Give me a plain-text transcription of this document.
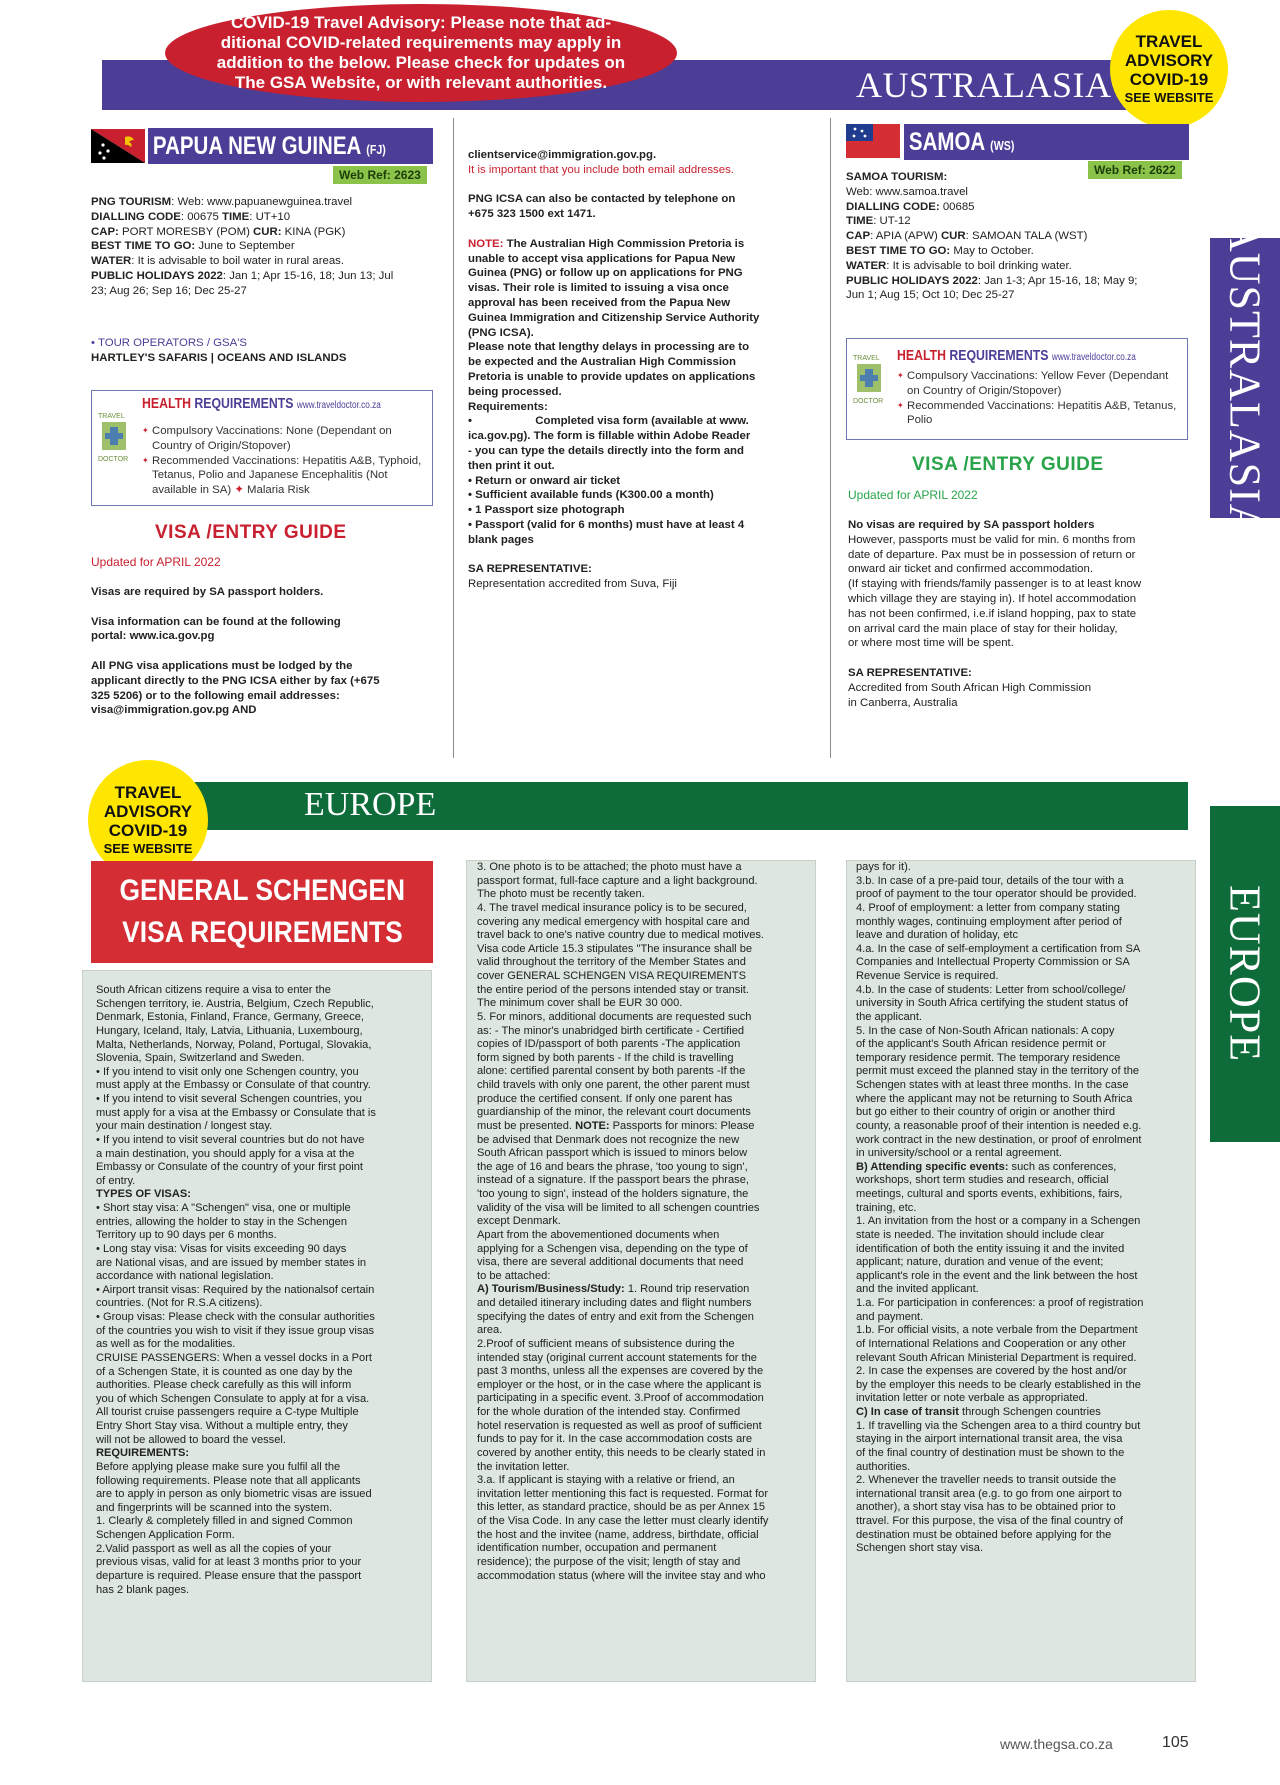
AUSTRALASIA
COVID-19 Travel Advisory: Please note that ad-
ditional COVID-related requirements may apply in
addition to the below. Please check for updates on
The GSA Website, or with relevant authorities.
TRAVEL
ADVISORY
COVID-19
SEE WEBSITE
AUSTRALASIA
PAPUA NEW GUINEA (FJ)
Web Ref: 2623
PNG TOURISM: Web: www.papuanewguinea.travel
DIALLING CODE: 00675 TIME: UT+10
CAP: PORT MORESBY (POM) CUR: KINA (PGK)
BEST TIME TO GO: June to September
WATER: It is advisable to boil water in rural areas.
PUBLIC HOLIDAYS 2022: Jan 1; Apr 15-16, 18; Jun 13; Jul
23; Aug 26; Sep 16; Dec 25-27
• TOUR OPERATORS / GSA'S
HARTLEY'S SAFARIS | OCEANS AND ISLANDS
TRAVEL
DOCTOR
HEALTH REQUIREMENTS www.traveldoctor.co.za
✦ Compulsory Vaccinations: None (Dependant on Country of Origin/Stopover)
✦ Recommended Vaccinations: Hepatitis A&B, Typhoid, Tetanus, Polio and Japanese Encephalitis (Not available in SA) ✦ Malaria Risk
VISA /ENTRY GUIDE
Updated for APRIL 2022
Visas are required by SA passport holders.
Visa information can be found at the following
portal: www.ica.gov.pg
All PNG visa applications must be lodged by the
applicant directly to the PNG ICSA either by fax (+675
325 5206) or to the following email addresses:
visa@immigration.gov.pg AND
clientservice@immigration.gov.pg.
It is important that you include both email addresses.
PNG ICSA can also be contacted by telephone on
+675 323 1500 ext 1471.
NOTE: The Australian High Commission Pretoria is
unable to accept visa applications for Papua New
Guinea (PNG) or follow up on applications for PNG
visas. Their role is limited to issuing a visa once
approval has been received from the Papua New
Guinea Immigration and Citizenship Service Authority
(PNG ICSA).
Please note that lengthy delays in processing are to
be expected and the Australian High Commission
Pretoria is unable to provide updates on applications
being processed.
Requirements:
•                    Completed visa form (available at www.
ica.gov.pg). The form is fillable within Adobe Reader
- you can type the details directly into the form and
then print it out.
• Return or onward air ticket
• Sufficient available funds (K300.00 a month)
• 1 Passport size photograph
• Passport (valid for 6 months) must have at least 4
blank pages
SA REPRESENTATIVE:
Representation accredited from Suva, Fiji
SAMOA (WS)
Web Ref: 2622
SAMOA TOURISM:
Web: www.samoa.travel
DIALLING CODE: 00685
TIME: UT-12
CAP: APIA (APW) CUR: SAMOAN TALA (WST)
BEST TIME TO GO: May to October.
WATER: It is advisable to boil drinking water.
PUBLIC HOLIDAYS 2022: Jan 1-3; Apr 15-16, 18; May 9;
Jun 1; Aug 15; Oct 10; Dec 25-27
TRAVEL
DOCTOR
HEALTH REQUIREMENTS www.traveldoctor.co.za
✦ Compulsory Vaccinations: Yellow Fever (Dependant on Country of Origin/Stopover)
✦ Recommended Vaccinations: Hepatitis A&B, Tetanus, Polio
VISA /ENTRY GUIDE
Updated for APRIL 2022
No visas are required by SA passport holders
However, passports must be valid for min. 6 months from
date of departure. Pax must be in possession of return or
onward air ticket and confirmed accommodation.
(If staying with friends/family passenger is to at least know
which village they are staying in). If hotel accommodation
has not been confirmed, i.e.if island hopping, pax to state
on arrival card the main place of stay for their holiday,
or where most time will be spent.
SA REPRESENTATIVE:
Accredited from South African High Commission
in Canberra, Australia
EUROPE
TRAVEL
ADVISORY
COVID-19
SEE WEBSITE
EUROPE
GENERAL SCHENGEN
VISA REQUIREMENTS
South African citizens require a visa to enter the
Schengen territory, ie. Austria, Belgium, Czech Republic,
Denmark, Estonia, Finland, France, Germany, Greece,
Hungary, Iceland, Italy, Latvia, Lithuania, Luxembourg,
Malta, Netherlands, Norway, Poland, Portugal, Slovakia,
Slovenia, Spain, Switzerland and Sweden.
• If you intend to visit only one Schengen country, you
must apply at the Embassy or Consulate of that country.
• If you intend to visit several Schengen countries, you
must apply for a visa at the Embassy or Consulate that is
your main destination / longest stay.
• If you intend to visit several countries but do not have
a main destination, you should apply for a visa at the
Embassy or Consulate of the country of your first point
of entry.
TYPES OF VISAS:
• Short stay visa: A "Schengen" visa, one or multiple
entries, allowing the holder to stay in the Schengen
Territory up to 90 days per 6 months.
• Long stay visa: Visas for visits exceeding 90 days
are National visas, and are issued by member states in
accordance with national legislation.
• Airport transit visas: Required by the nationalsof certain
countries. (Not for R.S.A citizens).
• Group visas: Please check with the consular authorities
of the countries you wish to visit if they issue group visas
as well as for the modalities.
CRUISE PASSENGERS: When a vessel docks in a Port
of a Schengen State, it is counted as one day by the
authorities. Please check carefully as this will inform
you of which Schengen Consulate to apply at for a visa.
All tourist cruise passengers require a C-type Multiple
Entry Short Stay visa. Without a multiple entry, they
will not be allowed to board the vessel.
REQUIREMENTS:
Before applying please make sure you fulfil all the
following requirements. Please note that all applicants
are to apply in person as only biometric visas are issued
and fingerprints will be scanned into the system.
1. Clearly & completely filled in and signed Common
Schengen Application Form.
2.Valid passport as well as all the copies of your
previous visas, valid for at least 3 months prior to your
departure is required. Please ensure that the passport
has 2 blank pages.
3. One photo is to be attached; the photo must have a
passport format, full-face capture and a light background.
The photo must be recently taken.
4. The travel medical insurance policy is to be secured,
covering any medical emergency with hospital care and
travel back to one's native country due to medical motives.
Visa code Article 15.3 stipulates "The insurance shall be
valid throughout the territory of the Member States and
cover GENERAL SCHENGEN VISA REQUIREMENTS
the entire period of the persons intended stay or transit.
The minimum cover shall be EUR 30 000.
5. For minors, additional documents are requested such
as: - The minor's unabridged birth certificate - Certified
copies of ID/passport of both parents -The application
form signed by both parents - If the child is travelling
alone: certified parental consent by both parents -If the
child travels with only one parent, the other parent must
produce the certified consent. If only one parent has
guardianship of the minor, the relevant court documents
must be presented. NOTE: Passports for minors: Please
be advised that Denmark does not recognize the new
South African passport which is issued to minors below
the age of 16 and bears the phrase, 'too young to sign',
instead of a signature. If the passport bears the phrase,
'too young to sign', instead of the holders signature, the
validity of the visa will be limited to all schengen countries
except Denmark.
Apart from the abovementioned documents when
applying for a Schengen visa, depending on the type of
visa, there are several additional documents that need
to be attached:
A) Tourism/Business/Study: 1. Round trip reservation
and detailed itinerary including dates and flight numbers
specifying the dates of entry and exit from the Schengen
area.
2.Proof of sufficient means of subsistence during the
intended stay (original current account statements for the
past 3 months, unless all the expenses are covered by the
employer or the host, or in the case where the applicant is
participating in a specific event. 3.Proof of accommodation
for the whole duration of the intended stay. Confirmed
hotel reservation is requested as well as proof of sufficient
funds to pay for it. In the case accommodation costs are
covered by another entity, this needs to be clearly stated in
the invitation letter.
3.a. If applicant is staying with a relative or friend, an
invitation letter mentioning this fact is requested. Format for
this letter, as standard practice, should be as per Annex 15
of the Visa Code. In any case the letter must clearly identify
the host and the invitee (name, address, birthdate, official
identification number, occupation and permanent
residence); the purpose of the visit; length of stay and
accommodation status (where will the invitee stay and who
pays for it).
3.b. In case of a pre-paid tour, details of the tour with a
proof of payment to the tour operator should be provided.
4. Proof of employment: a letter from company stating
monthly wages, continuing employment after period of
leave and duration of holiday, etc
4.a. In the case of self-employment a certification from SA
Companies and Intellectual Property Commission or SA
Revenue Service is required.
4.b. In the case of students: Letter from school/college/
university in South Africa certifying the student status of
the applicant.
5. In the case of Non-South African nationals: A copy
of the applicant's South African residence permit or
temporary residence permit. The temporary residence
permit must exceed the planned stay in the territory of the
Schengen states with at least three months. In the case
where the applicant may not be returning to South Africa
but go either to their country of origin or another third
county, a reasonable proof of their intention is needed e.g.
work contract in the new destination, or proof of enrolment
in university/school or a rental agreement.
B) Attending specific events: such as conferences,
workshops, short term studies and research, official
meetings, cultural and sports events, exhibitions, fairs,
training, etc.
1. An invitation from the host or a company in a Schengen
state is needed. The invitation should include clear
identification of both the entity issuing it and the invited
applicant; nature, duration and venue of the event;
applicant's role in the event and the link between the host
and the invited applicant.
1.a. For participation in conferences: a proof of registration
and payment.
1.b. For official visits, a note verbale from the Department
of International Relations and Cooperation or any other
relevant South African Ministerial Department is required.
2. In case the expenses are covered by the host and/or
by the employer this needs to be clearly established in the
invitation letter or note verbale as appropriated.
C) In case of transit through Schengen countries
1. If travelling via the Schengen area to a third country but
staying in the airport international transit area, the visa
of the final country of destination must be shown to the
authorities.
2. Whenever the traveller needs to transit outside the
international transit area (e.g. to go from one airport to
another), a short stay visa has to be obtained prior to
ttravel. For this purpose, the visa of the final country of
destination must be obtained before applying for the
Schengen short stay visa.
www.thegsa.co.za	105
